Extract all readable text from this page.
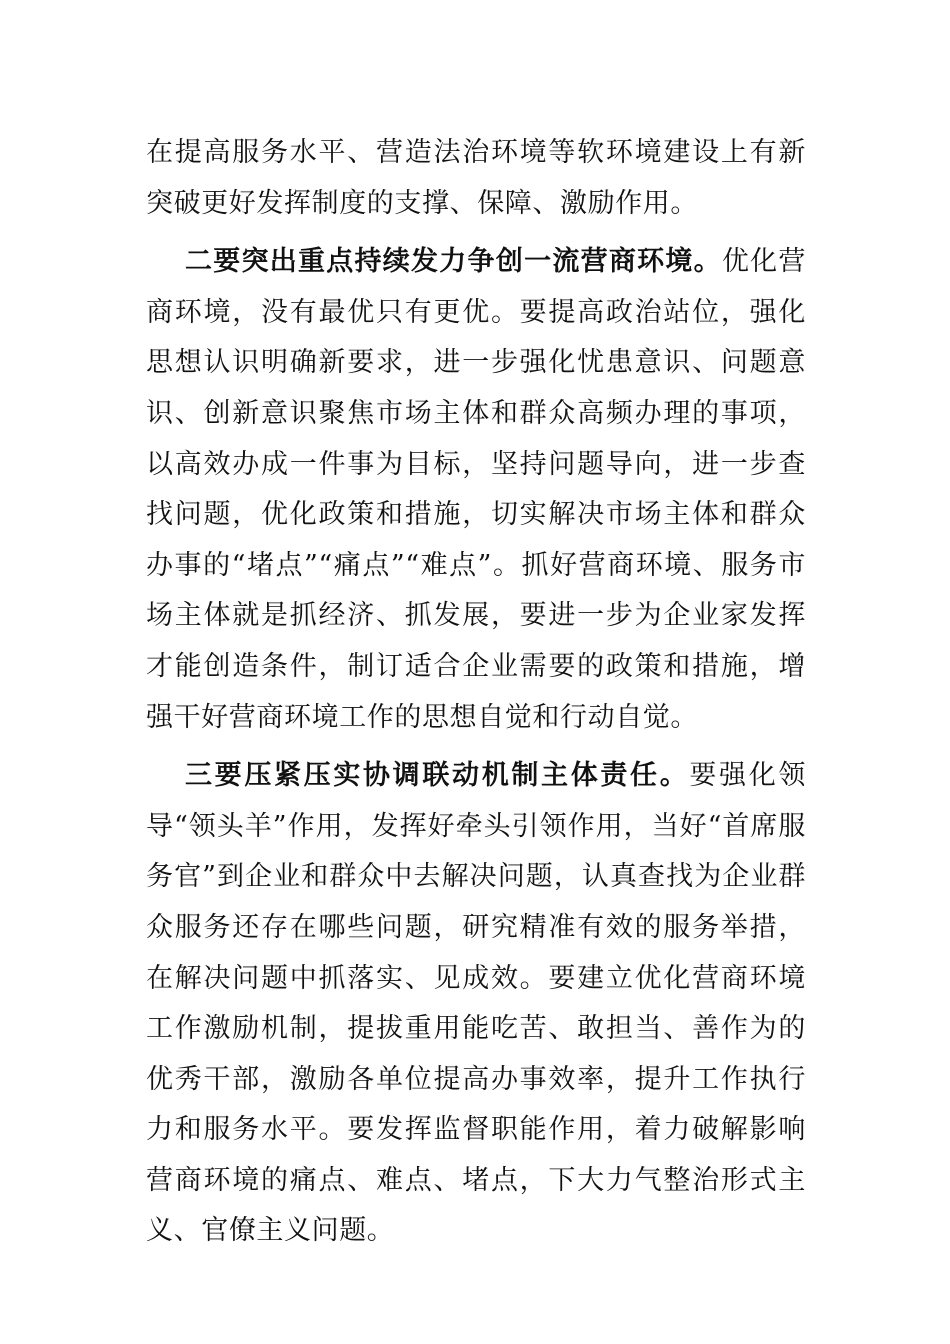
在提高服务水平、营造法治环境等软环境建设上有新突破更好发挥制度的支撑、保障、激励作用。

二要突出重点持续发力争创一流营商环境。优化营商环境，没有最优只有更优。要提高政治站位，强化思想认识明确新要求，进一步强化忧患意识、问题意识、创新意识聚焦市场主体和群众高频办理的事项，以高效办成一件事为目标，坚持问题导向，进一步查找问题，优化政策和措施，切实解决市场主体和群众办事的“堵点”“痛点”“难点”。抓好营商环境、服务市场主体就是抓经济、抓发展，要进一步为企业家发挥才能创造条件，制订适合企业需要的政策和措施，增强干好营商环境工作的思想自觉和行动自觉。

三要压紧压实协调联动机制主体责任。要强化领导“领头羊”作用，发挥好牵头引领作用，当好“首席服务官”到企业和群众中去解决问题，认真查找为企业群众服务还存在哪些问题，研究精准有效的服务举措，在解决问题中抓落实、见成效。要建立优化营商环境工作激励机制，提拔重用能吃苦、敢担当、善作为的优秀干部，激励各单位提高办事效率，提升工作执行力和服务水平。要发挥监督职能作用，着力破解影响营商环境的痛点、难点、堵点，下大力气整治形式主义、官僚主义问题。
